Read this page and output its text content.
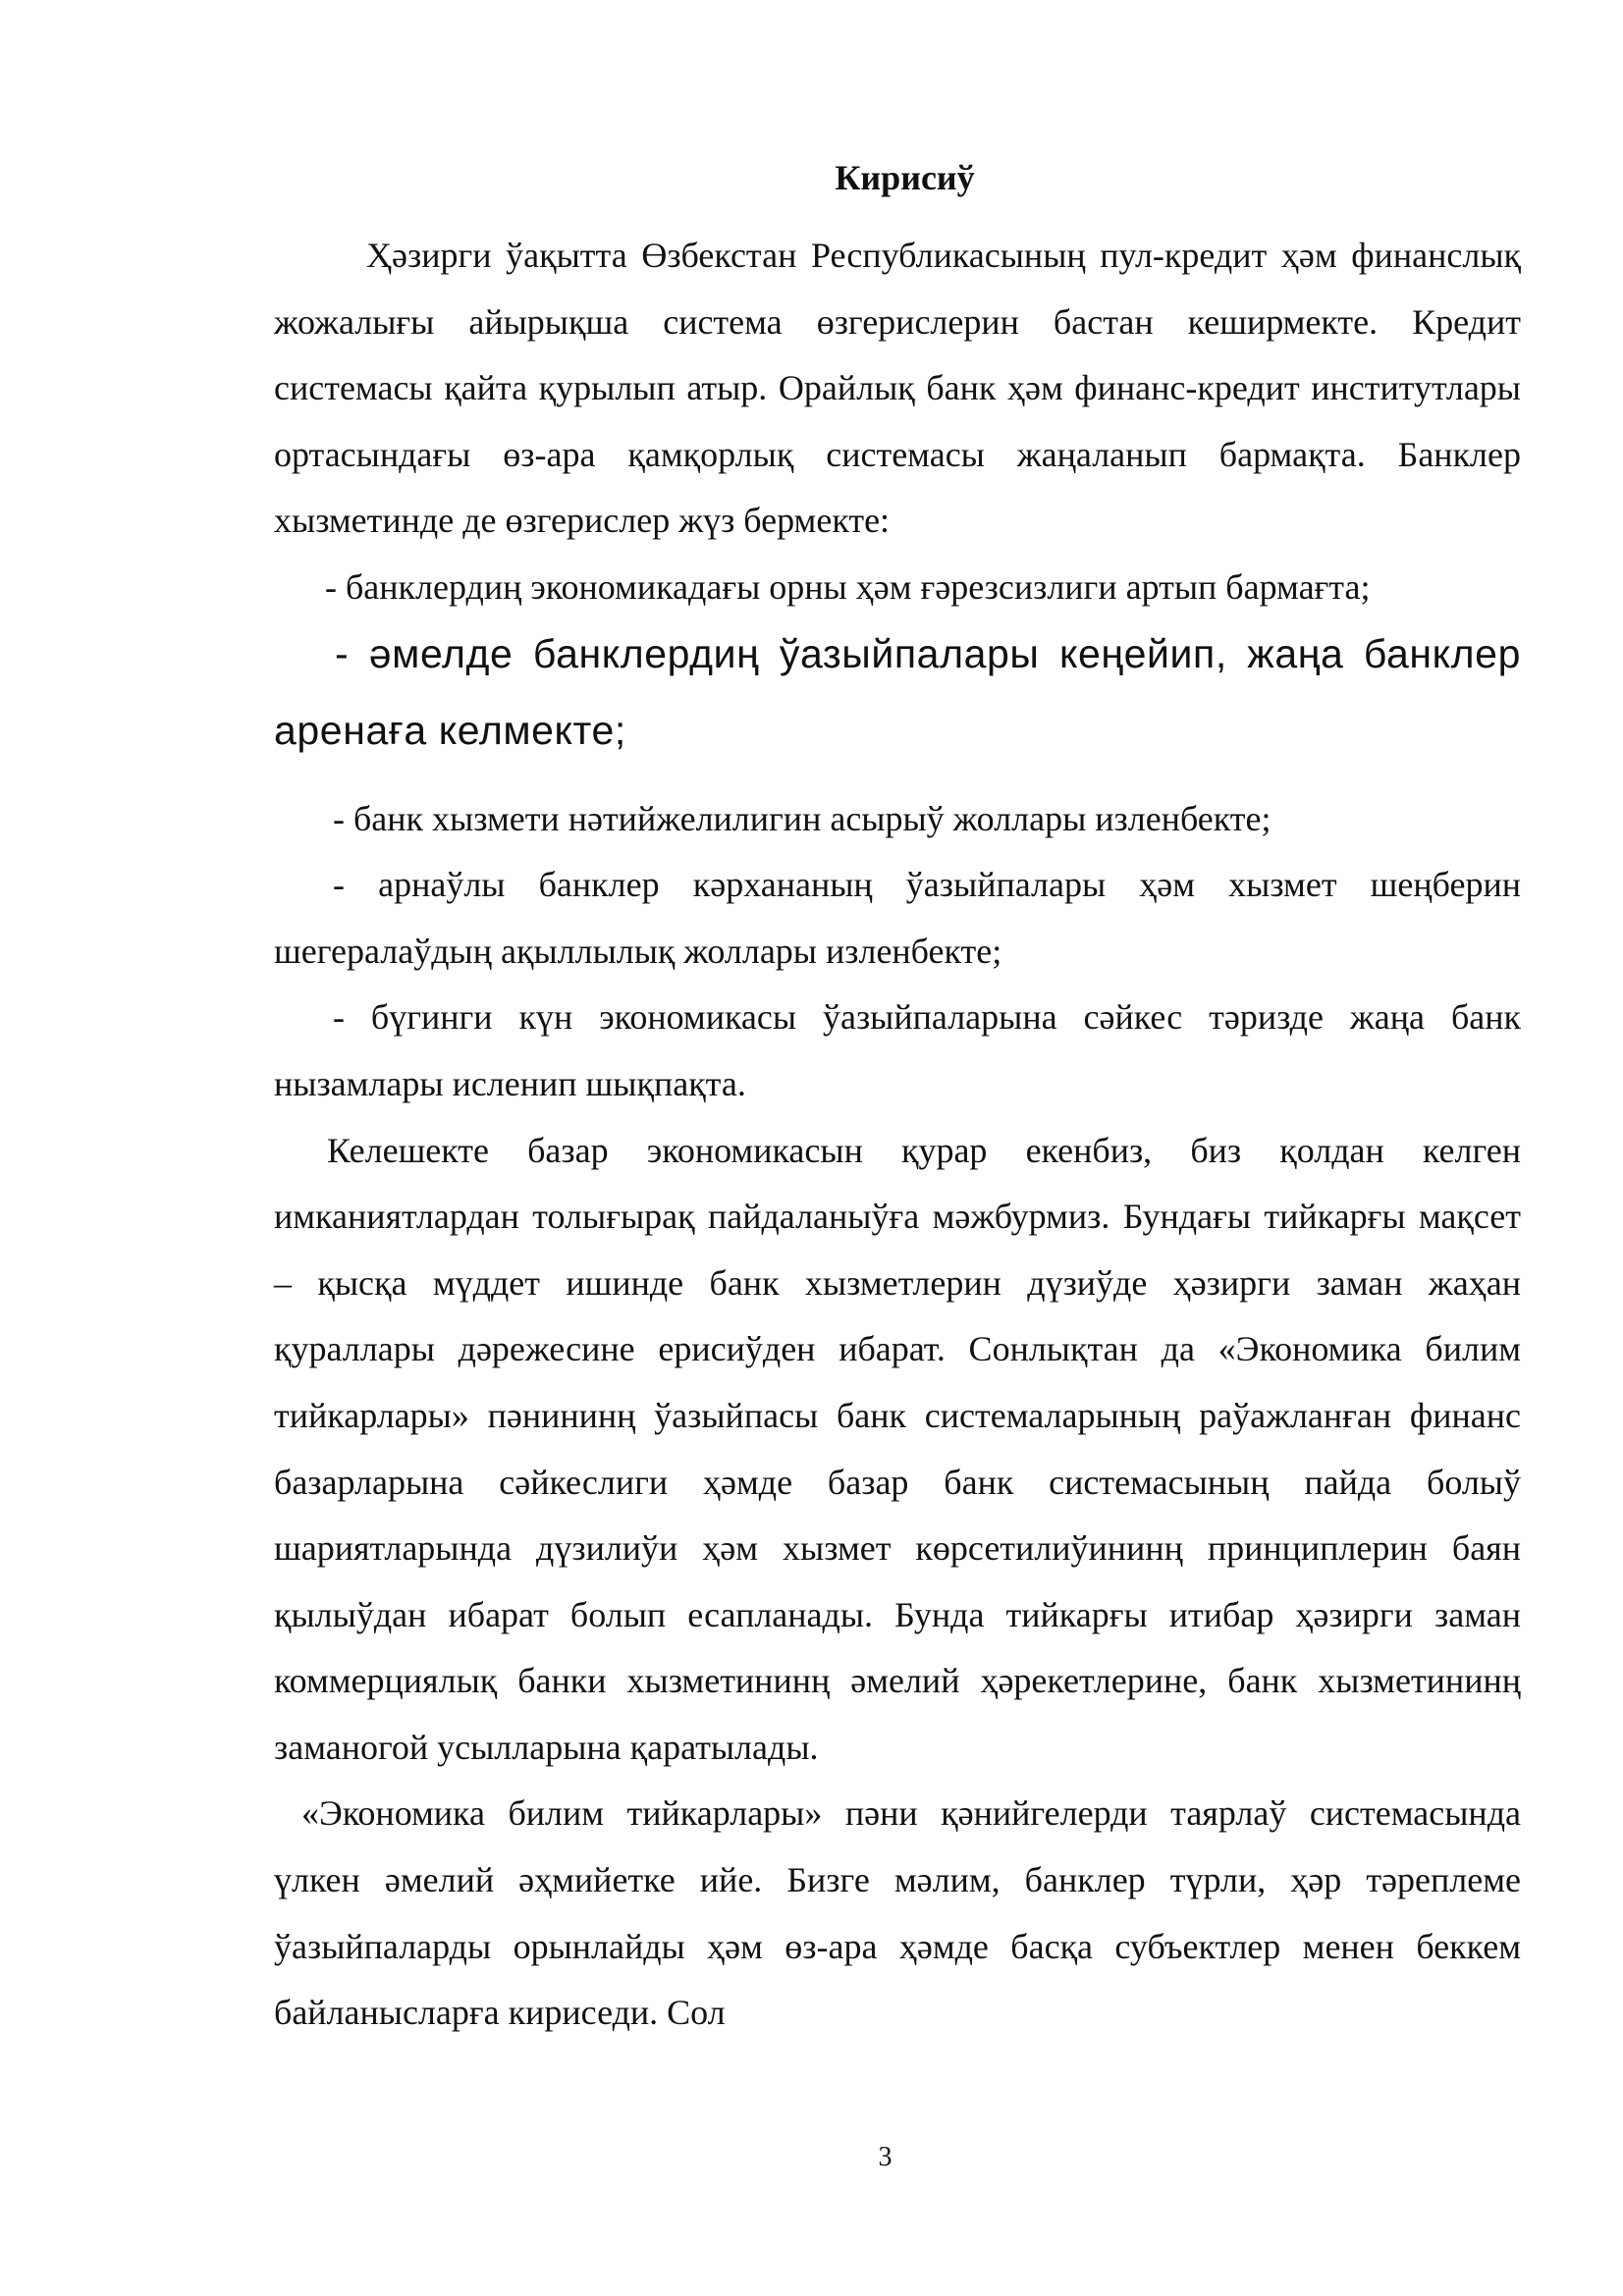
Кирисиў

Ҳәзирги ўақытта Өзбекстан Республикасының пул-кредит ҳәм финанслық жожалығы айырықша система өзгерислерин бастан кеширмекте. Кредит системасы қайта қурылып атыр. Орайлық банк ҳәм финанс-кредит институтлары ортасындағы өз-ара қамқорлық системасы жаңаланып бармақта. Банклер хызметинде де өзгерислер жүз бермекте:

- банклердиң экономикадағы орны ҳәм ғәрезсизлиги артып бармағта;

- әмелде банклердиң ўазыйпалары кеңейип, жаңа банклер аренаға келмекте;

- банк хызмети нәтийжелилигин асырыў жоллары изленбекте;

- арнаўлы банклер кәрхананың ўазыйпалары ҳәм хызмет шеңберин шегералаўдың ақыллылық жоллары изленбекте;

- бүгинги күн экономикасы ўазыйпаларына сәйкес тәризде жаңа банк нызамлары исленип шықпақта.

Келешекте базар экономикасын қурар екенбиз, биз қолдан келген имканиятлардан толығырақ пайдаланыўға мәжбурмиз. Бундағы тийкарғы мақсет – қысқа мүддет ишинде банк хызметлерин дүзиўде ҳәзирги заман жаҳан қураллары дәрежесине ерисиўден ибарат. Сонлықтан да «Экономика билим тийкарлары» пәнининң ўазыйпасы банк системаларының раўажланған финанс базарларына сәйкеслиги ҳәмде базар банк системасының пайда болыў шариятларында дүзилиўи ҳәм хызмет көрсетилиўининң принциплерин баян қылыўдан ибарат болып есапланады. Бунда тийкарғы итибар ҳәзирги заман коммерциялық банки хызметининң әмелий ҳәрекетлерине, банк хызметининң заманогой усылларына қаратылады.

«Экономика билим тийкарлары» пәни қәнийгелерди таярлаў системасында үлкен әмелий әҳмийетке ийе. Бизге мәлим, банклер түрли, ҳәр тәреплеме ўазыйпаларды орынлайды ҳәм өз-ара ҳәмде басқа субъектлер менен беккем байланысларға кириседи. Сол

3
